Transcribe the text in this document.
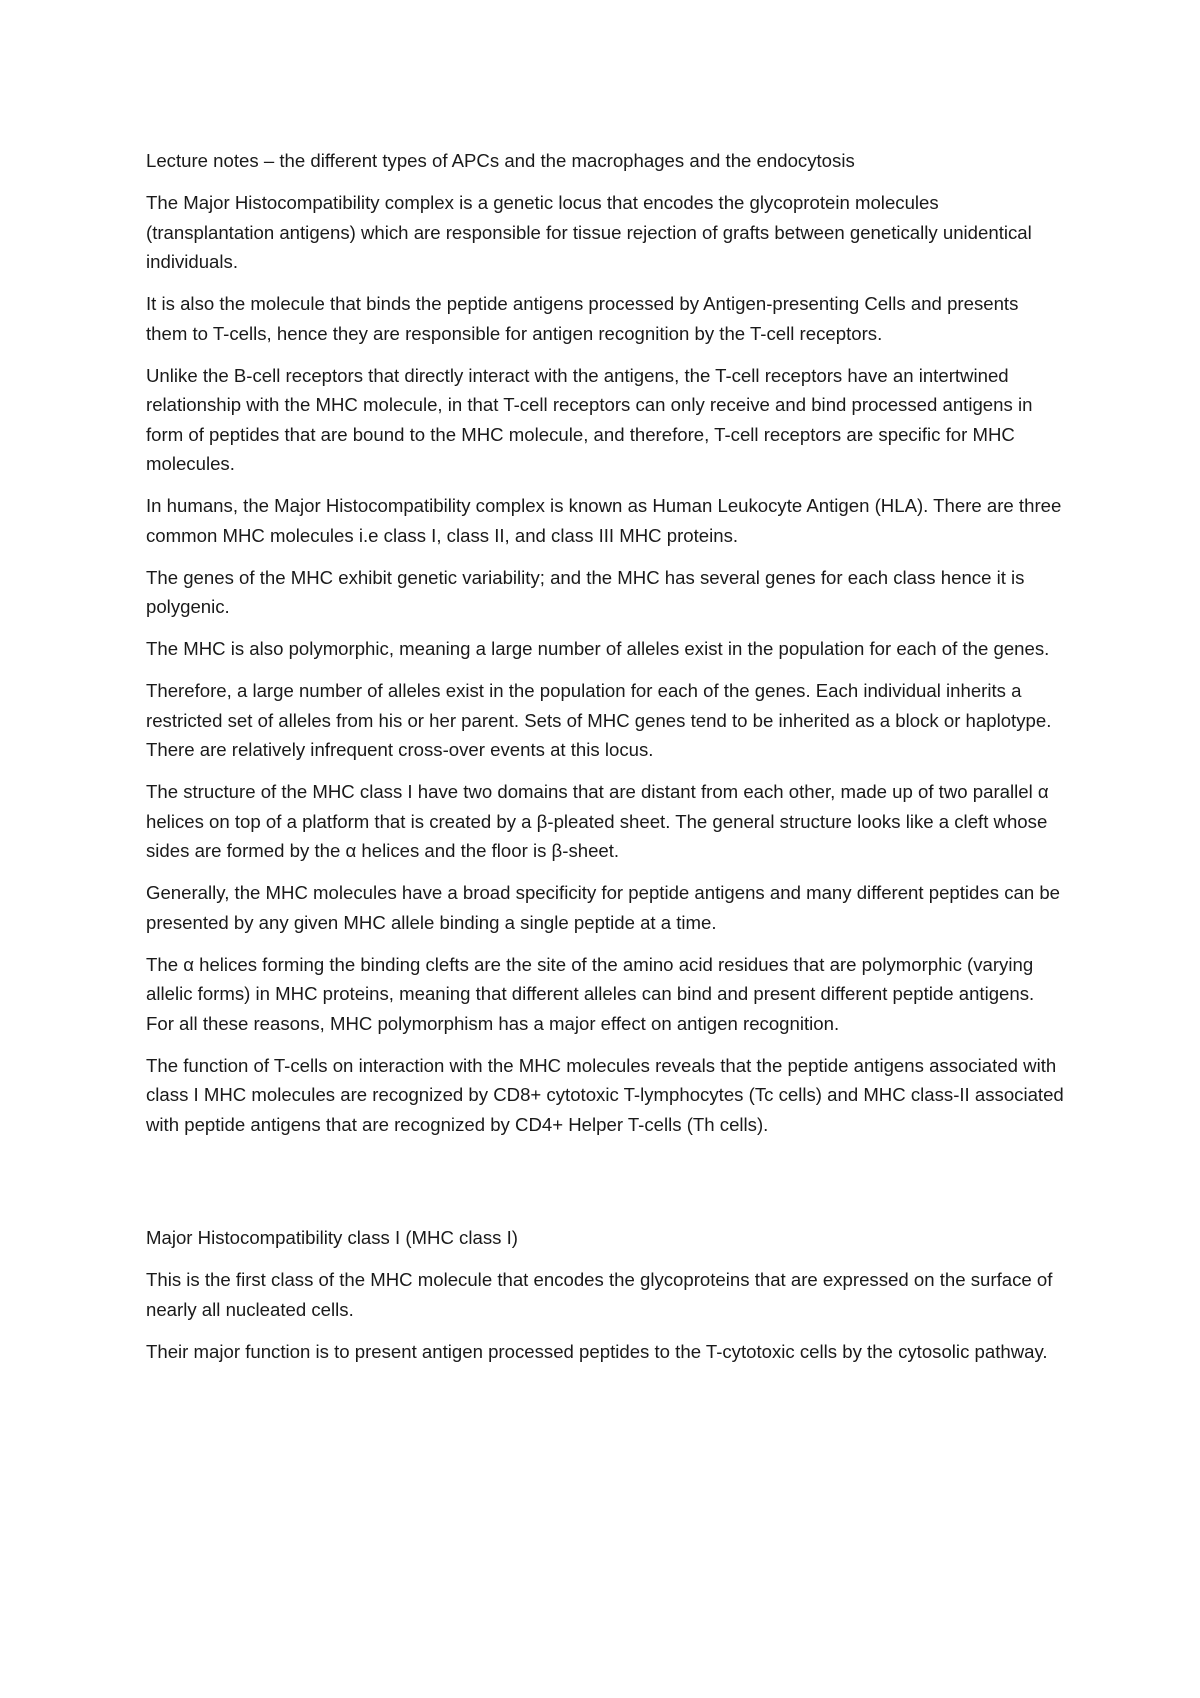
Lecture notes – the different types of APCs and the macrophages and the endocytosis

The Major Histocompatibility complex is a genetic locus that encodes the glycoprotein molecules (transplantation antigens) which are responsible for tissue rejection of grafts between genetically unidentical individuals.

It is also the molecule that binds the peptide antigens processed by Antigen-presenting Cells and presents them to T-cells, hence they are responsible for antigen recognition by the T-cell receptors.

Unlike the B-cell receptors that directly interact with the antigens, the T-cell receptors have an intertwined relationship with the MHC molecule, in that T-cell receptors can only receive and bind processed antigens in form of peptides that are bound to the MHC molecule, and therefore, T-cell receptors are specific for MHC molecules.

In humans, the Major Histocompatibility complex is known as Human Leukocyte Antigen (HLA). There are three common MHC molecules i.e class I, class II, and class III MHC proteins.

The genes of the MHC exhibit genetic variability; and the MHC has several genes for each class hence it is polygenic.

The MHC is also polymorphic, meaning a large number of alleles exist in the population for each of the genes.

Therefore, a large number of alleles exist in the population for each of the genes. Each individual inherits a restricted set of alleles from his or her parent. Sets of MHC genes tend to be inherited as a block or haplotype. There are relatively infrequent cross-over events at this locus.

The structure of the MHC class I have two domains that are distant from each other, made up of two parallel α helices on top of a platform that is created by a β-pleated sheet. The general structure looks like a cleft whose sides are formed by the α helices and the floor is β-sheet.

Generally, the MHC molecules have a broad specificity for peptide antigens and many different peptides can be presented by any given MHC allele binding a single peptide at a time.

The α helices forming the binding clefts are the site of the amino acid residues that are polymorphic (varying allelic forms) in MHC proteins, meaning that different alleles can bind and present different peptide antigens. For all these reasons, MHC polymorphism has a major effect on antigen recognition.

The function of T-cells on interaction with the MHC molecules reveals that the peptide antigens associated with class I MHC molecules are recognized by CD8+ cytotoxic T-lymphocytes (Tc cells) and MHC class-II associated with peptide antigens that are recognized by CD4+ Helper T-cells (Th cells).

Major Histocompatibility class I (MHC class I)

This is the first class of the MHC molecule that encodes the glycoproteins that are expressed on the surface of nearly all nucleated cells.

Their major function is to present antigen processed peptides to the T-cytotoxic cells by the cytosolic pathway.
